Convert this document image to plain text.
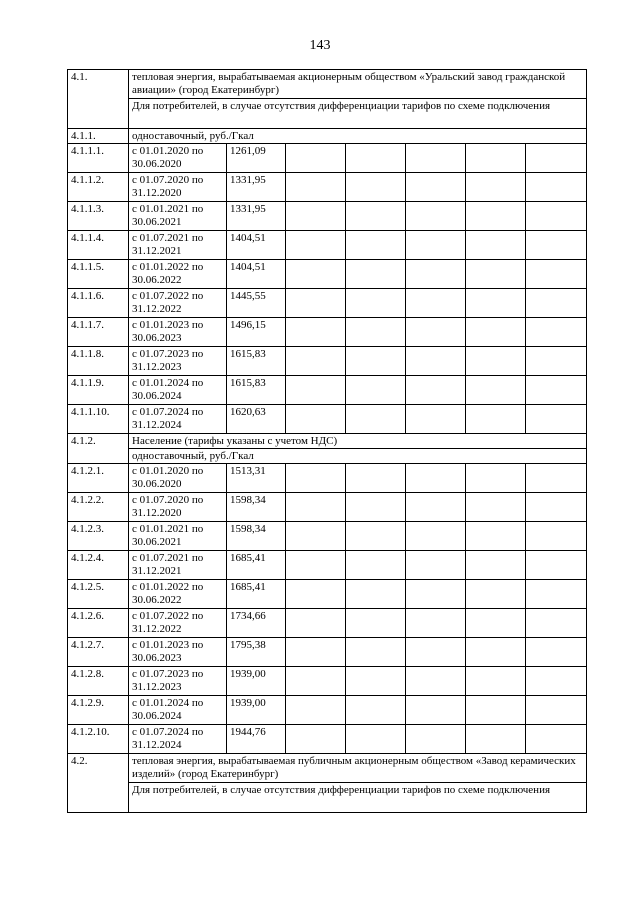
143
4.1.	тепловая энергия, вырабатываемая акционерным обществом «Уральский завод гражданской авиации» (город Екатеринбург)						
	Для потребителей, в случае отсутствия дифференциации тарифов по схеме подключения						
4.1.1.	одноставочный, руб./Гкал						
4.1.1.1.	с 01.01.2020 по 30.06.2020	1261,09					
4.1.1.2.	с 01.07.2020 по 31.12.2020	1331,95					
4.1.1.3.	с 01.01.2021 по 30.06.2021	1331,95					
4.1.1.4.	с 01.07.2021 по 31.12.2021	1404,51					
4.1.1.5.	с 01.01.2022 по 30.06.2022	1404,51					
4.1.1.6.	с 01.07.2022 по 31.12.2022	1445,55					
4.1.1.7.	с 01.01.2023 по 30.06.2023	1496,15					
4.1.1.8.	с 01.07.2023 по 31.12.2023	1615,83					
4.1.1.9.	с 01.01.2024 по 30.06.2024	1615,83					
4.1.1.10.	с 01.07.2024 по 31.12.2024	1620,63					
4.1.2.	Население (тарифы указаны с учетом НДС)						
	одноставочный, руб./Гкал						
4.1.2.1.	с 01.01.2020 по 30.06.2020	1513,31					
4.1.2.2.	с 01.07.2020 по 31.12.2020	1598,34					
4.1.2.3.	с 01.01.2021 по 30.06.2021	1598,34					
4.1.2.4.	с 01.07.2021 по 31.12.2021	1685,41					
4.1.2.5.	с 01.01.2022 по 30.06.2022	1685,41					
4.1.2.6.	с 01.07.2022 по 31.12.2022	1734,66					
4.1.2.7.	с 01.01.2023 по 30.06.2023	1795,38					
4.1.2.8.	с 01.07.2023 по 31.12.2023	1939,00					
4.1.2.9.	с 01.01.2024 по 30.06.2024	1939,00					
4.1.2.10.	с 01.07.2024 по 31.12.2024	1944,76					
4.2.	тепловая энергия, вырабатываемая публичным акционерным обществом «Завод керамических изделий» (город Екатеринбург)						
	Для потребителей, в случае отсутствия дифференциации тарифов по схеме подключения						
